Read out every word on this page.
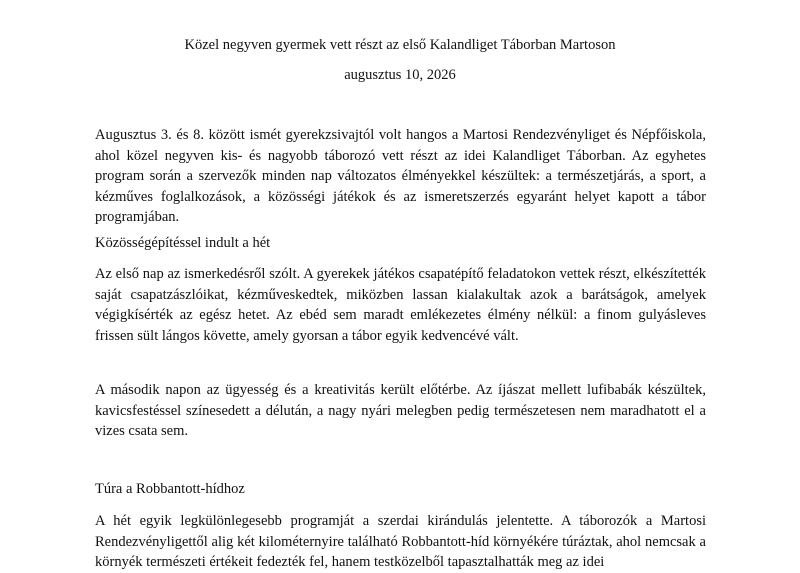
Közel negyven gyermek vett részt az első Kalandliget Táborban Martoson
augusztus 10, 2026
Augusztus 3. és 8. között ismét gyerekzsivajtól volt hangos a Martosi Rendezvényliget és Népfőiskola, ahol közel negyven kis- és nagyobb táborozó vett részt az idei Kalandliget Táborban. Az egyhetes program során a szervezők minden nap változatos élményekkel készültek: a természetjárás, a sport, a kézműves foglalkozások, a közösségi játékok és az ismeretszerzés egyaránt helyet kapott a tábor programjában.
Közösségépítéssel indult a hét
Az első nap az ismerkedésről szólt. A gyerekek játékos csapatépítő feladatokon vettek részt, elkészítették saját csapatzászlóikat, kézműveskedtek, miközben lassan kialakultak azok a barátságok, amelyek végigkísérték az egész hetet. Az ebéd sem maradt emlékezetes élmény nélkül: a finom gulyásleves frissen sült lángos követte, amely gyorsan a tábor egyik kedvencévé vált.
A második napon az ügyesség és a kreativitás került előtérbe. Az íjászat mellett lufibabák készültek, kavicsfestéssel színesedett a délután, a nagy nyári melegben pedig természetesen nem maradhatott el a vizes csata sem.
Túra a Robbantott-hídhoz
A hét egyik legkülönlegesebb programját a szerdai kirándulás jelentette. A táborozók a Martosi Rendezvényligettől alig két kilométernyire található Robbantott-híd környékére túráztak, ahol nemcsak a környék természeti értékeit fedezték fel, hanem testközelből tapasztalhatták meg az idei
